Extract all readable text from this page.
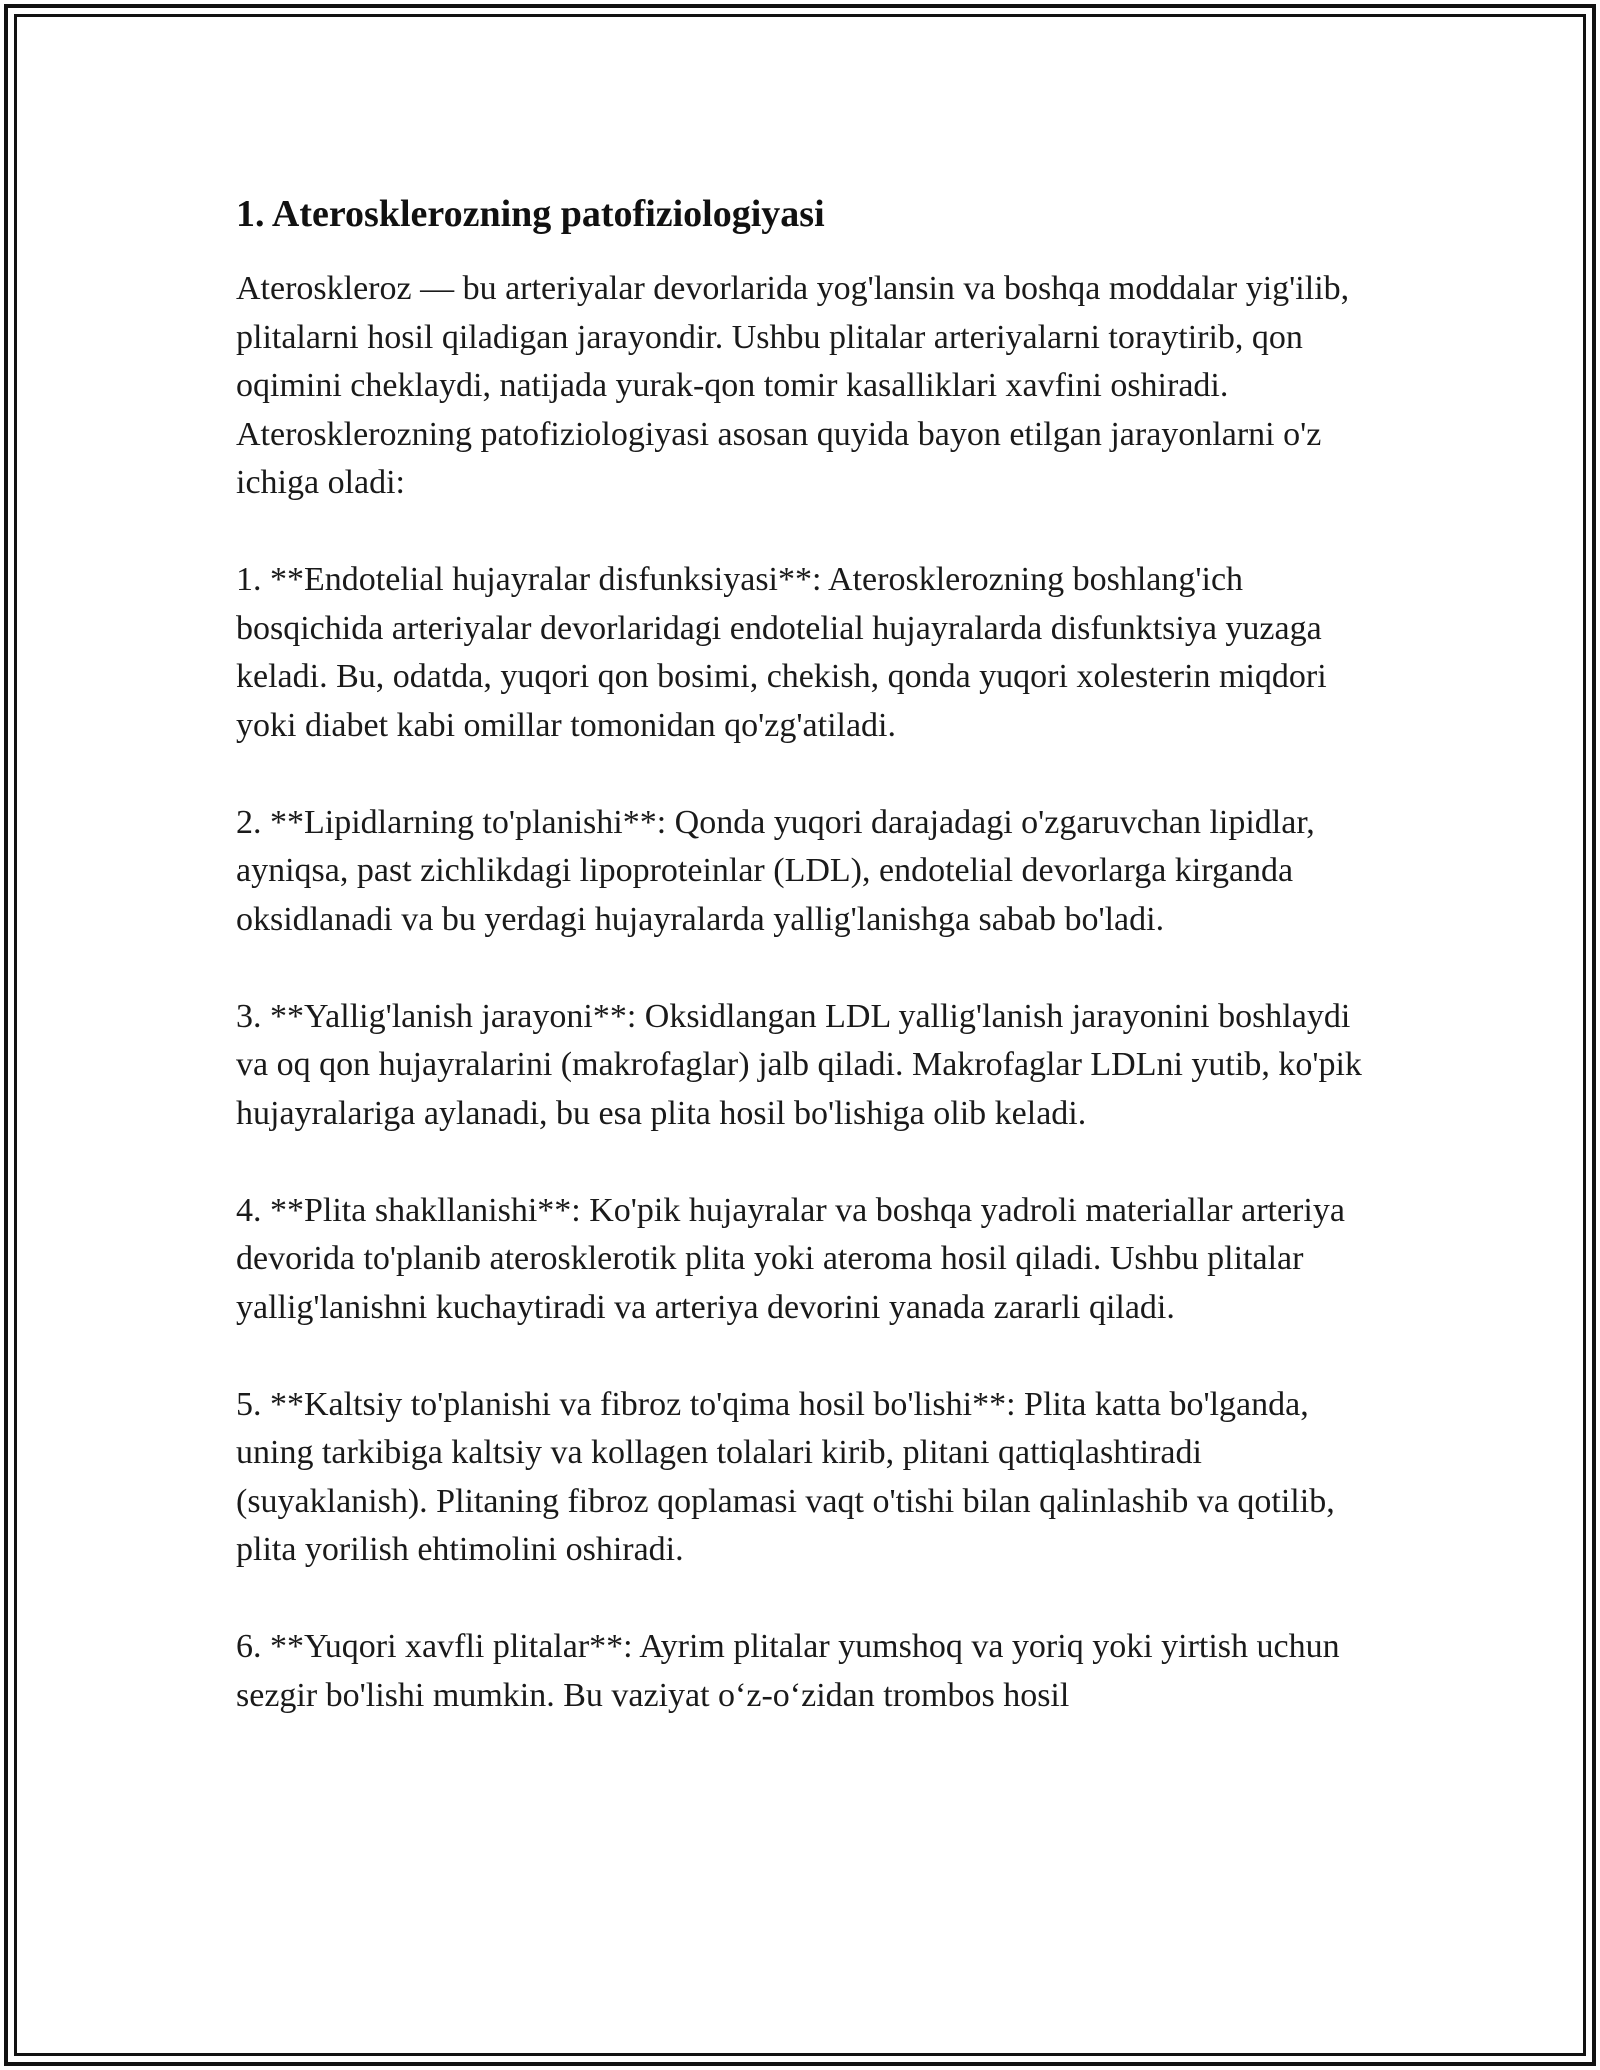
1. Aterosklerozning patofiziologiyasi

Ateroskleroz — bu arteriyalar devorlarida yog'lansin va boshqa moddalar yig'ilib, plitalarni hosil qiladigan jarayondir. Ushbu plitalar arteriyalarni toraytirib, qon oqimini cheklaydi, natijada yurak-qon tomir kasalliklari xavfini oshiradi. Aterosklerozning patofiziologiyasi asosan quyida bayon etilgan jarayonlarni o'z ichiga oladi:

1. **Endotelial hujayralar disfunksiyasi**: Aterosklerozning boshlang'ich bosqichida arteriyalar devorlaridagi endotelial hujayralarda disfunktsiya yuzaga keladi. Bu, odatda, yuqori qon bosimi, chekish, qonda yuqori xolesterin miqdori yoki diabet kabi omillar tomonidan qo'zg'atiladi.

2. **Lipidlarning to'planishi**: Qonda yuqori darajadagi o'zgaruvchan lipidlar, ayniqsa, past zichlikdagi lipoproteinlar (LDL), endotelial devorlarga kirganda oksidlanadi va bu yerdagi hujayralarda yallig'lanishga sabab bo'ladi.

3. **Yallig'lanish jarayoni**: Oksidlangan LDL yallig'lanish jarayonini boshlaydi va oq qon hujayralarini (makrofaglar) jalb qiladi. Makrofaglar LDLni yutib, ko'pik hujayralariga aylanadi, bu esa plita hosil bo'lishiga olib keladi.

4. **Plita shakllanishi**: Ko'pik hujayralar va boshqa yadroli materiallar arteriya devorida to'planib aterosklerotik plita yoki ateroma hosil qiladi. Ushbu plitalar yallig'lanishni kuchaytiradi va arteriya devorini yanada zararli qiladi.

5. **Kaltsiy to'planishi va fibroz to'qima hosil bo'lishi**: Plita katta bo'lganda, uning tarkibiga kaltsiy va kollagen tolalari kirib, plitani qattiqlashtiradi (suyaklanish). Plitaning fibroz qoplamasi vaqt o'tishi bilan qalinlashib va qotilib, plita yorilish ehtimolini oshiradi.

6. **Yuqori xavfli plitalar**: Ayrim plitalar yumshoq va yoriq yoki yirtish uchun sezgir bo'lishi mumkin. Bu vaziyat o‘z-o‘zidan trombos hosil
